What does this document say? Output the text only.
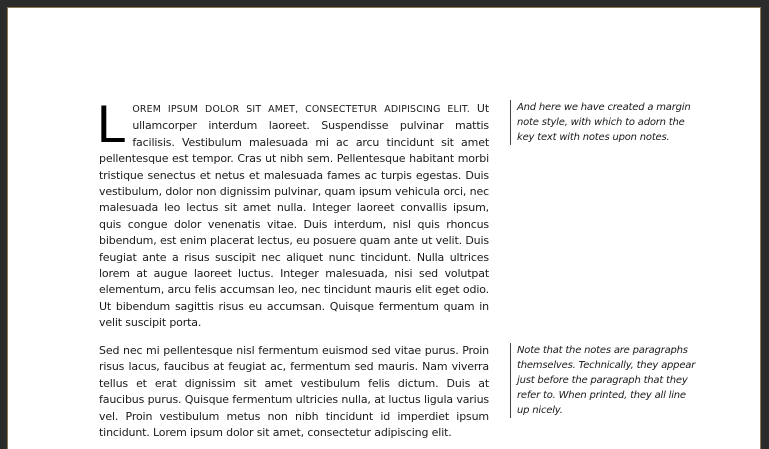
LOREM IPSUM DOLOR SIT AMET, CONSECTETUR ADIPISCING ELIT. Ut ullamcorper interdum laoreet. Suspendisse pulvinar mattis facilisis. Vestibulum malesuada mi ac arcu tincidunt sit amet pellentesque est tempor. Cras ut nibh sem. Pellentesque habitant morbi tristique senectus et netus et malesuada fames ac turpis egestas. Duis vestibulum, dolor non dignissim pulvinar, quam ipsum vehicula orci, nec malesuada leo lectus sit amet nulla. Integer laoreet convallis ipsum, quis congue dolor venenatis vitae. Duis interdum, nisl quis rhoncus bibendum, est enim placerat lectus, eu posuere quam ante ut velit. Duis feugiat ante a risus suscipit nec aliquet nunc tincidunt. Nulla ultrices lorem at augue laoreet luctus. Integer malesuada, nisi sed volutpat elementum, arcu felis accumsan leo, nec tincidunt mauris elit eget odio. Ut bibendum sagittis risus eu accumsan. Quisque fermentum quam in velit suscipit porta.
And here we have created a margin note style, with which to adorn the key text with notes upon notes.
Sed nec mi pellentesque nisl fermentum euismod sed vitae purus. Proin risus lacus, faucibus at feugiat ac, fermentum sed mauris. Nam viverra tellus et erat dignissim sit amet vestibulum felis dictum. Duis at faucibus purus. Quisque fermentum ultricies nulla, at luctus ligula varius vel. Proin vestibulum metus non nibh tincidunt id imperdiet ipsum tincidunt. Lorem ipsum dolor sit amet, consectetur adipiscing elit.
Note that the notes are paragraphs themselves. Technically, they appear just before the paragraph that they refer to. When printed, they all line up nicely.
